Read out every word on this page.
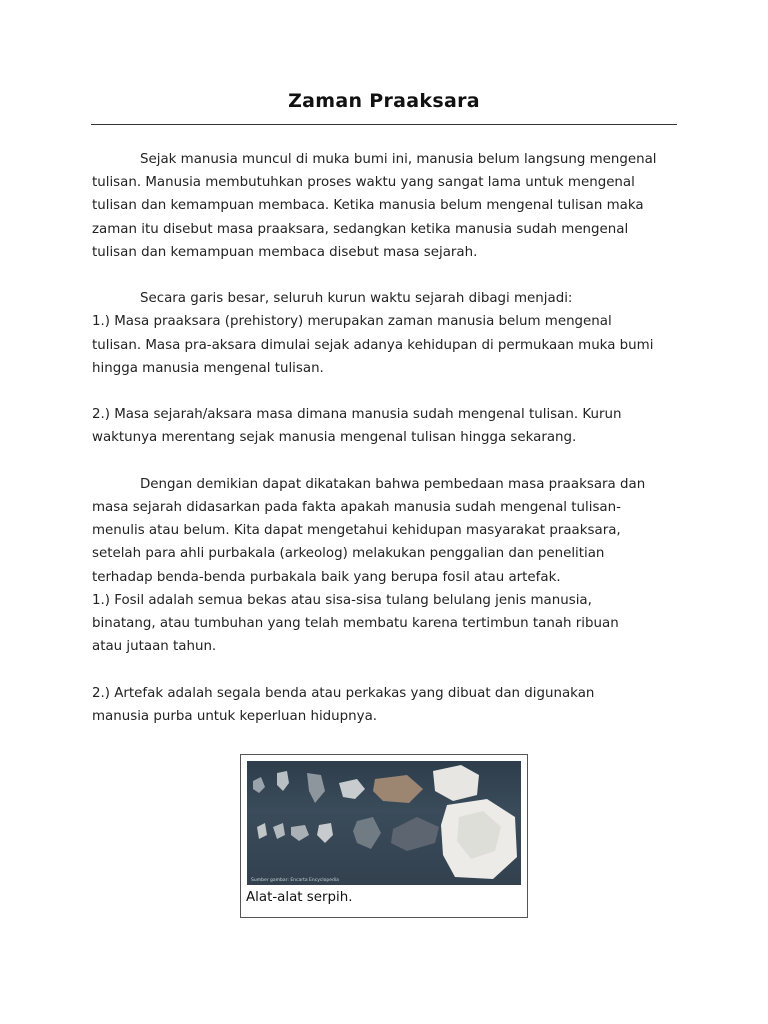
Zaman Praaksara

Sejak manusia muncul di muka bumi ini, manusia belum langsung mengenal

tulisan. Manusia membutuhkan proses waktu yang sangat lama untuk mengenal

tulisan dan kemampuan membaca. Ketika manusia belum mengenal tulisan maka

zaman itu disebut masa praaksara, sedangkan ketika manusia sudah mengenal

tulisan dan kemampuan membaca disebut masa sejarah.

Secara garis besar, seluruh kurun waktu sejarah dibagi menjadi:

1.) Masa praaksara (prehistory) merupakan zaman manusia belum mengenal

tulisan. Masa pra-aksara dimulai sejak adanya kehidupan di permukaan muka bumi

hingga manusia mengenal tulisan.

2.) Masa sejarah/aksara masa dimana manusia sudah mengenal tulisan. Kurun

waktunya merentang sejak manusia mengenal tulisan hingga sekarang.

Dengan demikian dapat dikatakan bahwa pembedaan masa praaksara dan

masa sejarah didasarkan pada fakta apakah manusia sudah mengenal tulisan-

menulis atau belum. Kita dapat mengetahui kehidupan masyarakat praaksara,

setelah para ahli purbakala (arkeolog) melakukan penggalian dan penelitian

terhadap benda-benda purbakala baik yang berupa fosil atau artefak.

1.) Fosil adalah semua bekas atau sisa-sisa tulang belulang jenis manusia,

binatang, atau tumbuhan yang telah membatu karena tertimbun tanah ribuan

atau jutaan tahun.

2.) Artefak adalah segala benda atau perkakas yang dibuat dan digunakan

manusia purba untuk keperluan hidupnya.

Sumber gambar: Encarta Encyclopedia
Alat-alat serpih.
